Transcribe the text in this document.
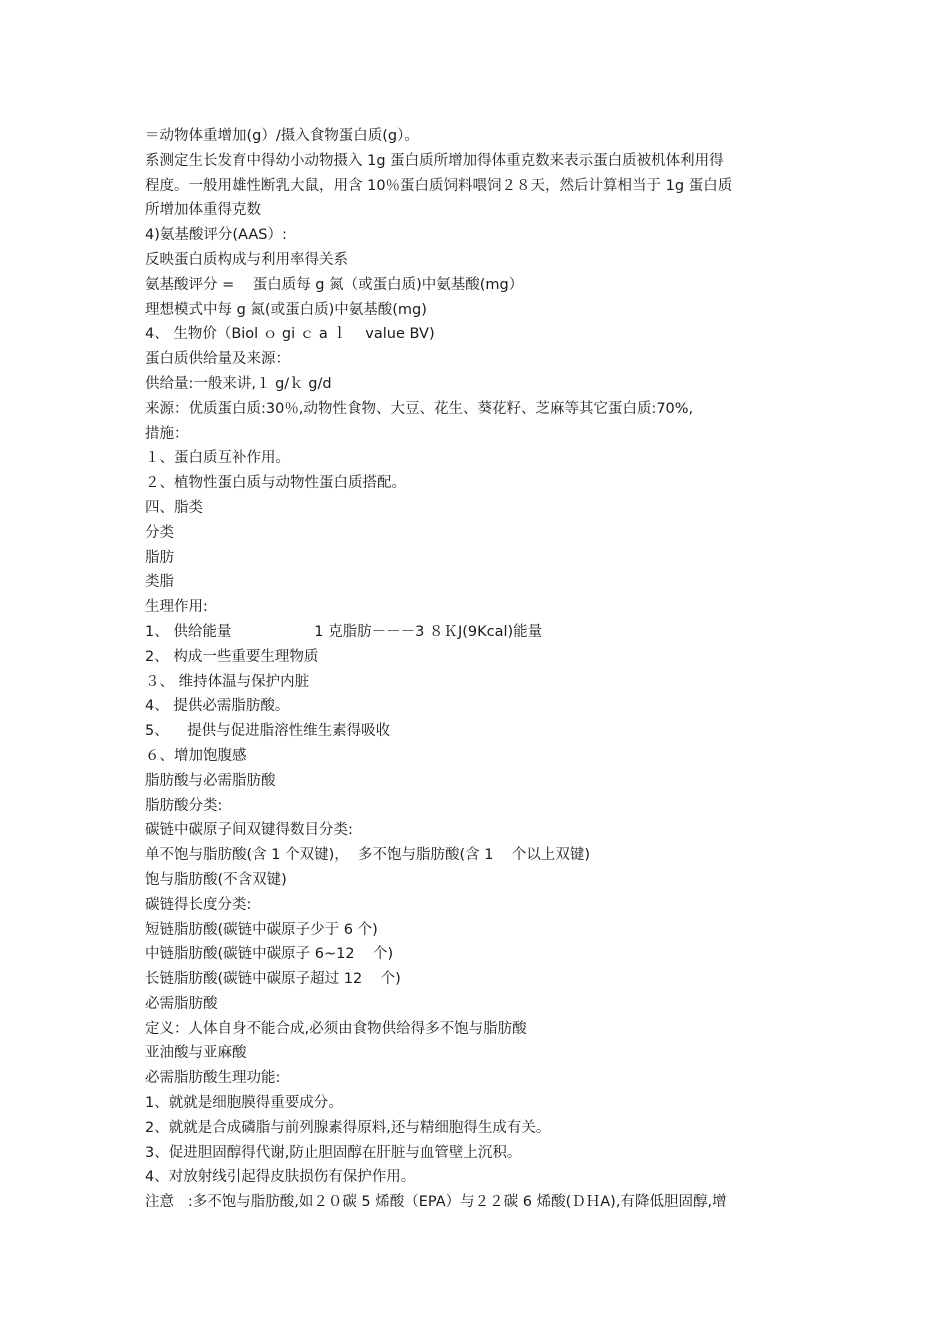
＝动物体重增加(g）/摄入食物蛋白质(g）。
系测定生长发育中得幼小动物摄入 1g 蛋白质所增加得体重克数来表示蛋白质被机体利用得
程度。一般用雄性断乳大鼠，用含 10％蛋白质饲料喂饲２８天，然后计算相当于 1g 蛋白质
所增加体重得克数
4)氨基酸评分(AAS）:
反映蛋白质构成与利用率得关系
氨基酸评分 =    蛋白质每 g 氮（或蛋白质)中氨基酸(mg）
理想模式中每 g 氮(或蛋白质)中氨基酸(mg)
4、 生物价（Biol ｏ gi ｃ a ｌ    value BV)
蛋白质供给量及来源：
供给量:一般来讲,１ g/ｋ g/d
来源：优质蛋白质:30％,动物性食物、大豆、花生、葵花籽、芝麻等其它蛋白质:70%,
措施：
１、蛋白质互补作用。
２、植物性蛋白质与动物性蛋白质搭配。
四、脂类
分类
脂肪
类脂
生理作用:
1、 供给能量                  1 克脂肪－－－3 ８ＫJ(9Kcal)能量
2、 构成一些重要生理物质
３、 维持体温与保护内脏
4、 提供必需脂肪酸。
5、    提供与促进脂溶性维生素得吸收
６、增加饱腹感
脂肪酸与必需脂肪酸
脂肪酸分类:
碳链中碳原子间双键得数目分类:
单不饱与脂肪酸(含 1 个双键)，  多不饱与脂肪酸(含 1    个以上双键)
饱与脂肪酸(不含双键)
碳链得长度分类:
短链脂肪酸(碳链中碳原子少于 6 个)
中链脂肪酸(碳链中碳原子 6~12    个)
长链脂肪酸(碳链中碳原子超过 12    个)
必需脂肪酸
定义：人体自身不能合成,必须由食物供给得多不饱与脂肪酸
亚油酸与亚麻酸
必需脂肪酸生理功能:
1、就就是细胞膜得重要成分。
2、就就是合成磷脂与前列腺素得原料,还与精细胞得生成有关。
3、促进胆固醇得代谢,防止胆固醇在肝脏与血管壁上沉积。
4、对放射线引起得皮肤损伤有保护作用。
注意   :多不饱与脂肪酸,如２０碳 5 烯酸（EPA）与２２碳 6 烯酸(ＤＨA),有降低胆固醇,增
